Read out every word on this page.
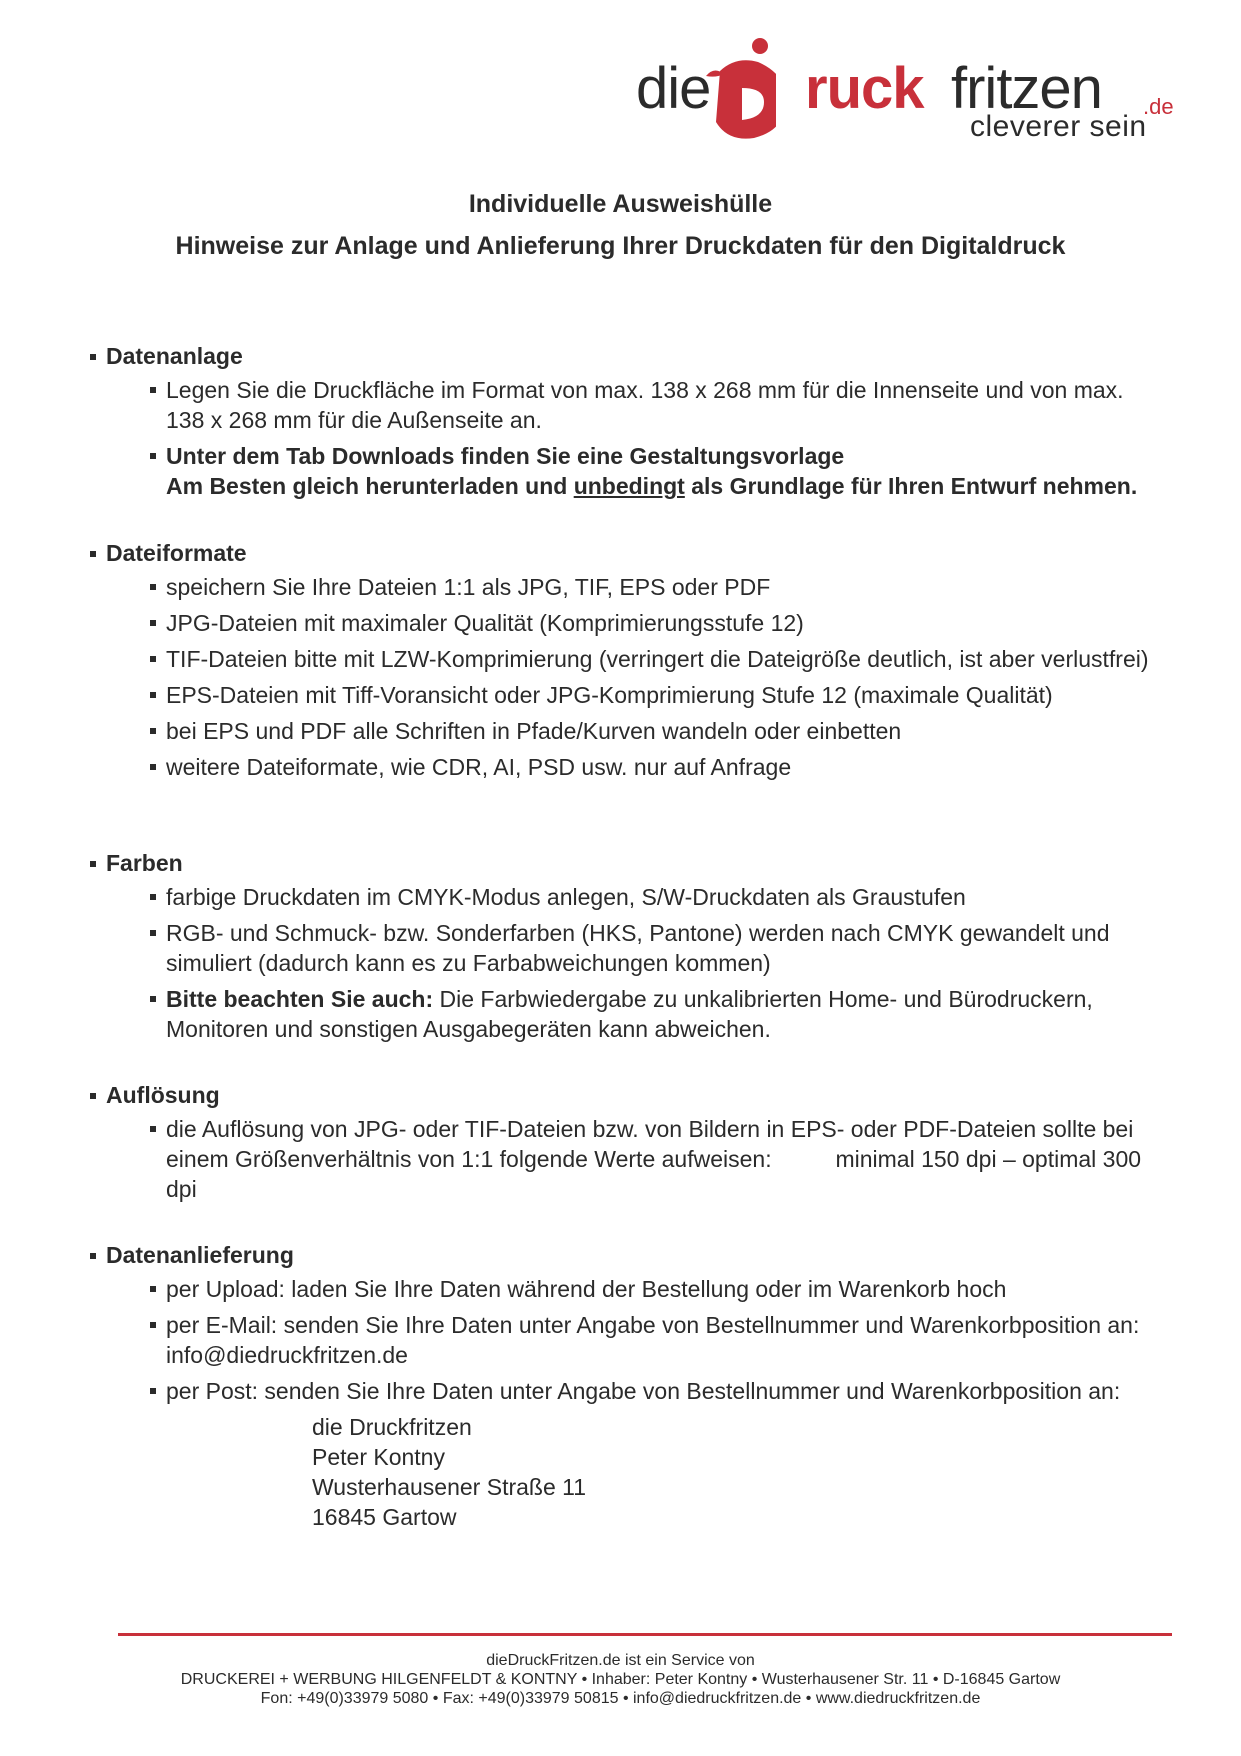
die ruck fritzen .de
cleverer sein
Individuelle Ausweishülle
Hinweise zur Anlage und Anlieferung Ihrer Druckdaten für den Digitaldruck
Datenanlage
Legen Sie die Druckfläche im Format von max. 138 x 268 mm für die Innenseite und von max. 138 x 268 mm für die Außenseite an.
Unter dem Tab Downloads finden Sie eine Gestaltungsvorlage
Am Besten gleich herunterladen und unbedingt als Grundlage für Ihren Entwurf nehmen.
Dateiformate
speichern Sie Ihre Dateien 1:1 als JPG, TIF, EPS oder PDF
JPG-Dateien mit maximaler Qualität (Komprimierungsstufe 12)
TIF-Dateien bitte mit LZW-Komprimierung (verringert die Dateigröße deutlich, ist aber verlustfrei)
EPS-Dateien mit Tiff-Voransicht oder JPG-Komprimierung Stufe 12 (maximale Qualität)
bei EPS und PDF alle Schriften in Pfade/Kurven wandeln oder einbetten
weitere Dateiformate, wie CDR, AI, PSD usw. nur auf Anfrage
Farben
farbige Druckdaten im CMYK-Modus anlegen, S/W-Druckdaten als Graustufen
RGB- und Schmuck- bzw. Sonderfarben (HKS, Pantone) werden nach CMYK gewandelt und simuliert (dadurch kann es zu Farbabweichungen kommen)
Bitte beachten Sie auch: Die Farbwiedergabe zu unkalibrierten Home- und Bürodruckern, Monitoren und sonstigen Ausgabegeräten kann abweichen.
Auflösung
die Auflösung von JPG- oder TIF-Dateien bzw. von Bildern in EPS- oder PDF-Dateien sollte bei einem Größenverhältnis von 1:1 folgende Werte aufweisen:          minimal 150 dpi – optimal 300 dpi
Datenanlieferung
per Upload: laden Sie Ihre Daten während der Bestellung oder im Warenkorb hoch
per E-Mail: senden Sie Ihre Daten unter Angabe von Bestellnummer und Warenkorbposition an:       info@diedruckfritzen.de
per Post: senden Sie Ihre Daten unter Angabe von Bestellnummer und Warenkorbposition an:
die Druckfritzen
Peter Kontny
Wusterhausener Straße 11
16845 Gartow
dieDruckFritzen.de ist ein Service von
DRUCKEREI + WERBUNG HILGENFELDT & KONTNY • Inhaber: Peter Kontny • Wusterhausener Str. 11 • D-16845 Gartow
Fon: +49(0)33979 5080 • Fax: +49(0)33979 50815 • info@diedruckfritzen.de • www.diedruckfritzen.de
